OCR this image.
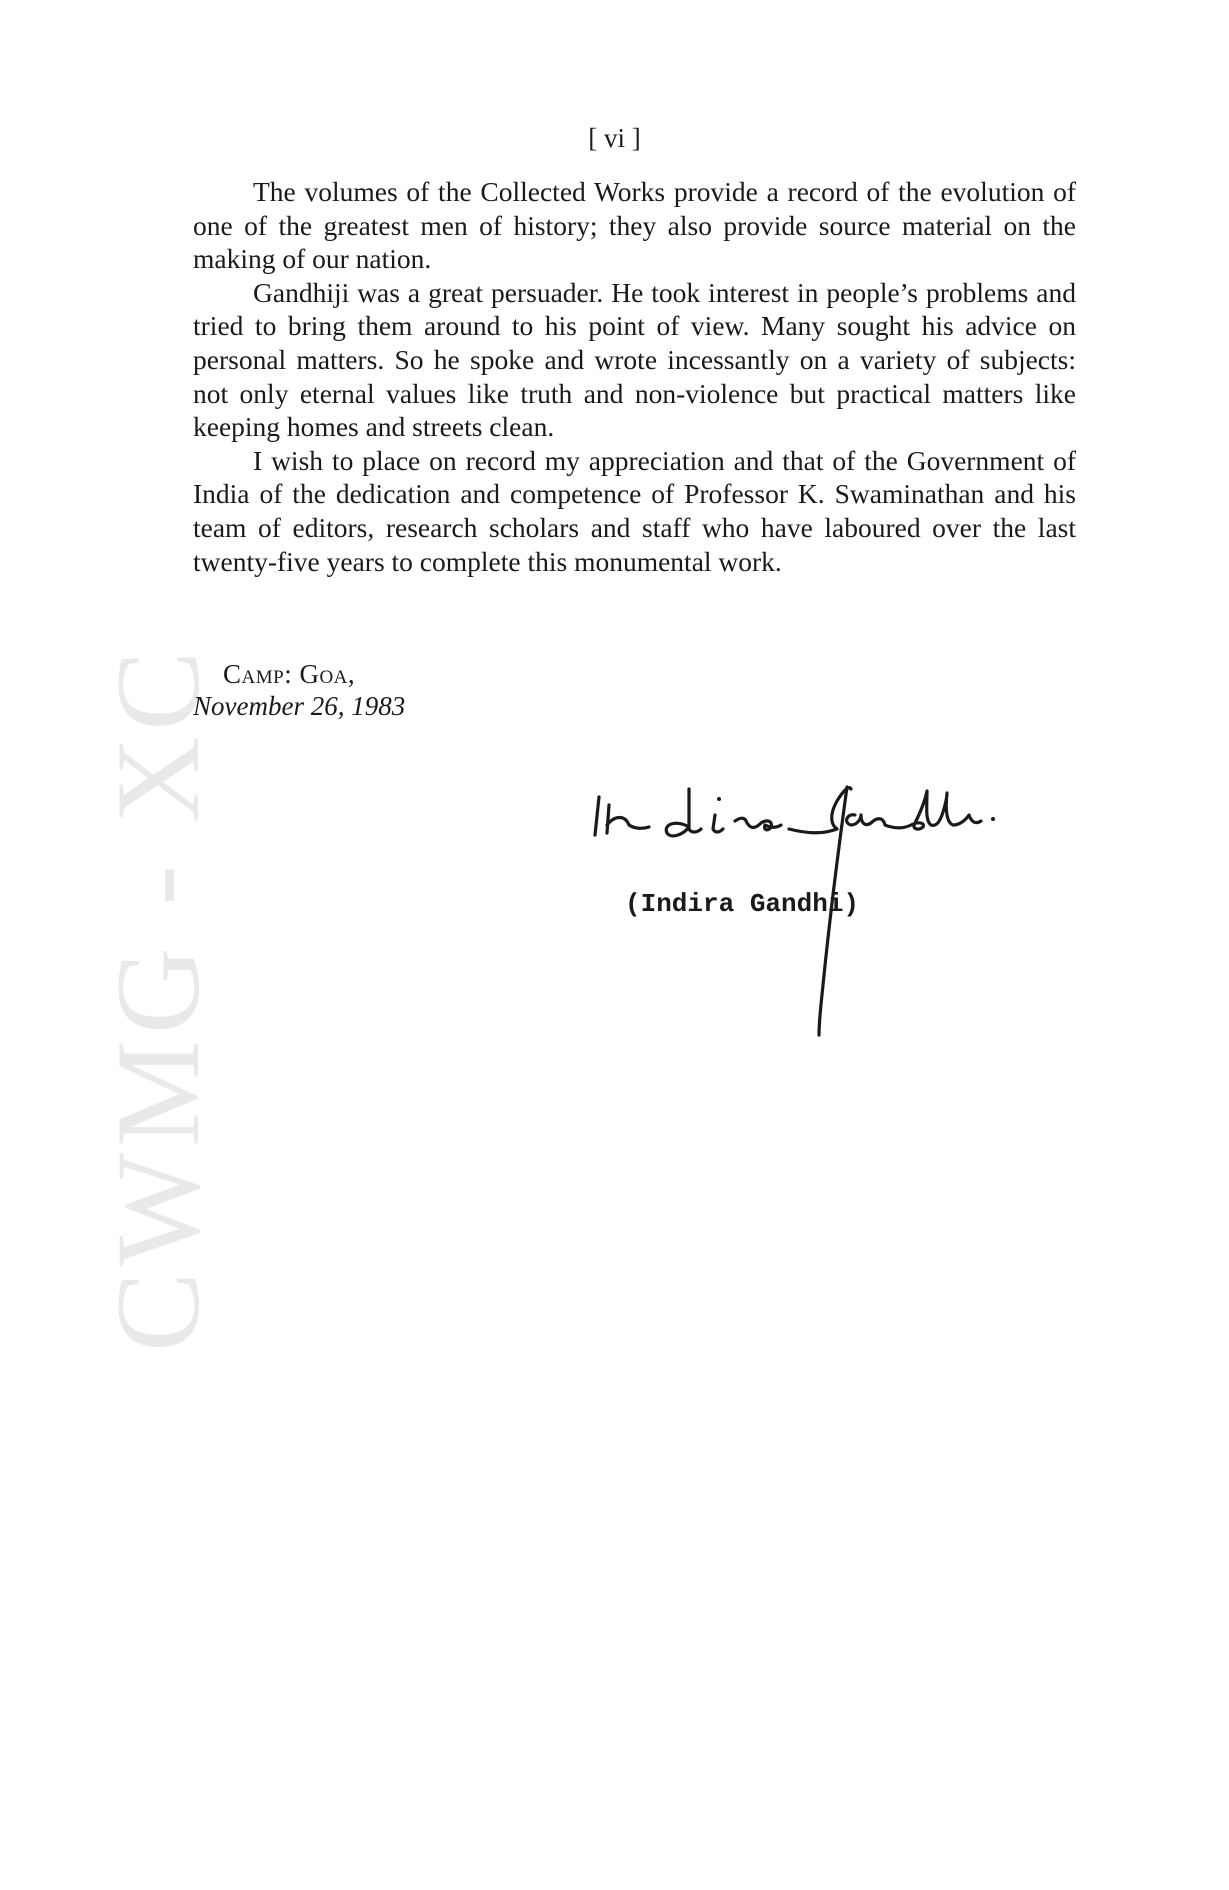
CWMG - XC
[ vi ]

The volumes of the Collected Works provide a record of the evolution of one of the greatest men of history; they also provide source material on the making of our nation.

Gandhiji was a great persuader. He took interest in people’s problems and tried to bring them around to his point of view. Many sought his advice on personal matters. So he spoke and wrote incessantly on a variety of subjects: not only eternal values like truth and non-violence but practical matters like keeping homes and streets clean.

I wish to place on record my appreciation and that of the Government of India of the dedication and competence of Professor K. Swaminathan and his team of editors, research scholars and staff who have laboured over the last twenty-five years to complete this monumental work.

Camp: Goa,
November 26, 1983
(Indira Gandhi)
